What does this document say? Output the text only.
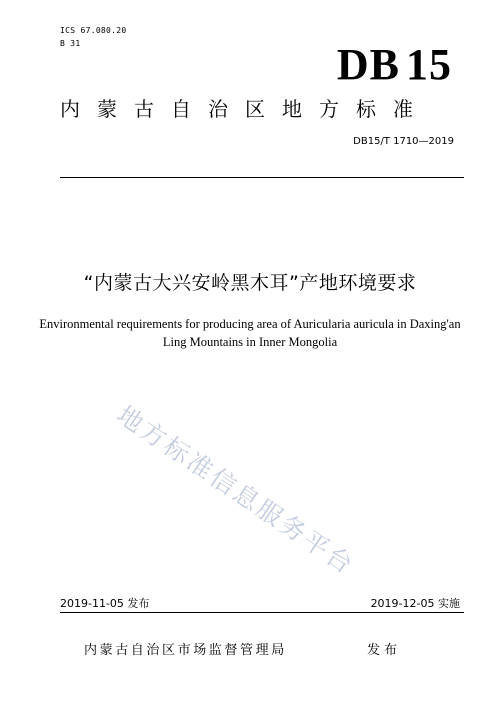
ICS 67.080.20
B 31	DB 15
内蒙古自治区地方标准
DB15/T 1710—2019
“内蒙古大兴安岭黑木耳”产地环境要求
Environmental requirements for producing area of Auricularia auricula in Daxing'an
Ling Mountains in Inner Mongolia
地方标准信息服务平台
2019-11-05 发布	2019-12-05 实施
内蒙古自治区市场监督管理局	发布
